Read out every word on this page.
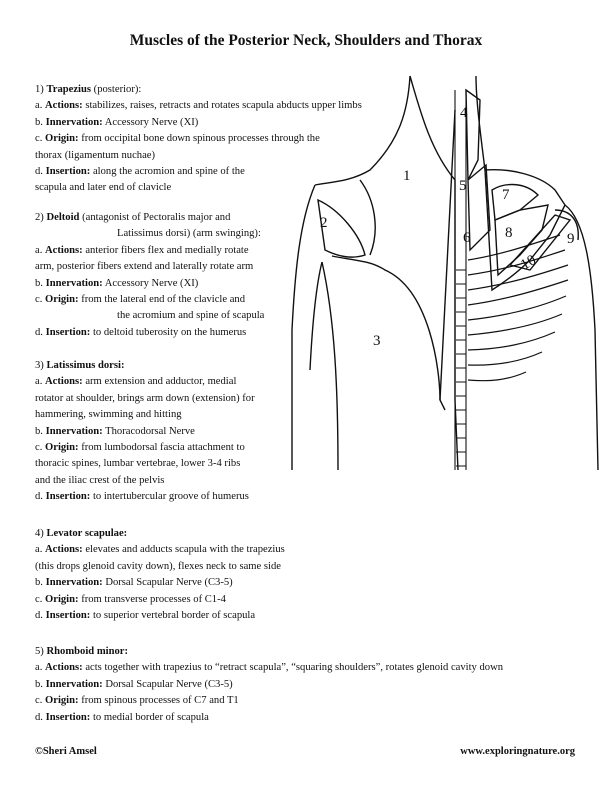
Muscles of the Posterior Neck, Shoulders and Thorax
1
2
3
4
5
6
7
8	9
10

1) Trapezius (posterior):

a. Actions: stabilizes, raises, retracts and rotates scapula abducts upper limbs

b. Innervation: Accessory Nerve (XI)

c. Origin: from occipital bone down spinous processes through the

thorax (ligamentum nuchae)

d. Insertion: along the acromion and spine of the

scapula and later end of clavicle

2) Deltoid (antagonist of Pectoralis major and

Latissimus dorsi) (arm swinging):

a. Actions: anterior fibers flex and medially rotate

arm, posterior fibers extend and laterally rotate arm

b. Innervation: Accessory Nerve (XI)

c. Origin: from the lateral end of the clavicle and

the acromium and spine of scapula

d. Insertion: to deltoid tuberosity on the humerus

3) Latissimus dorsi:

a. Actions: arm extension and adductor, medial

rotator at shoulder, brings arm down (extension) for

hammering, swimming and hitting

b. Innervation: Thoracodorsal Nerve

c. Origin: from lumbodorsal fascia attachment to

thoracic spines, lumbar vertebrae, lower 3-4 ribs

and the iliac crest of the pelvis

d. Insertion: to intertubercular groove of humerus

4) Levator scapulae:

a. Actions: elevates and adducts scapula with the trapezius

(this drops glenoid cavity down), flexes neck to same side

b. Innervation: Dorsal Scapular Nerve (C3-5)

c. Origin: from transverse processes of C1-4

d. Insertion: to superior vertebral border of scapula

5) Rhomboid minor:

a. Actions: acts together with trapezius to “retract scapula”, “squaring shoulders”, rotates glenoid cavity down

b. Innervation: Dorsal Scapular Nerve (C3-5)

c. Origin: from spinous processes of C7 and T1

d. Insertion: to medial border of scapula

©Sheri Amsel	www.exploringnature.org
